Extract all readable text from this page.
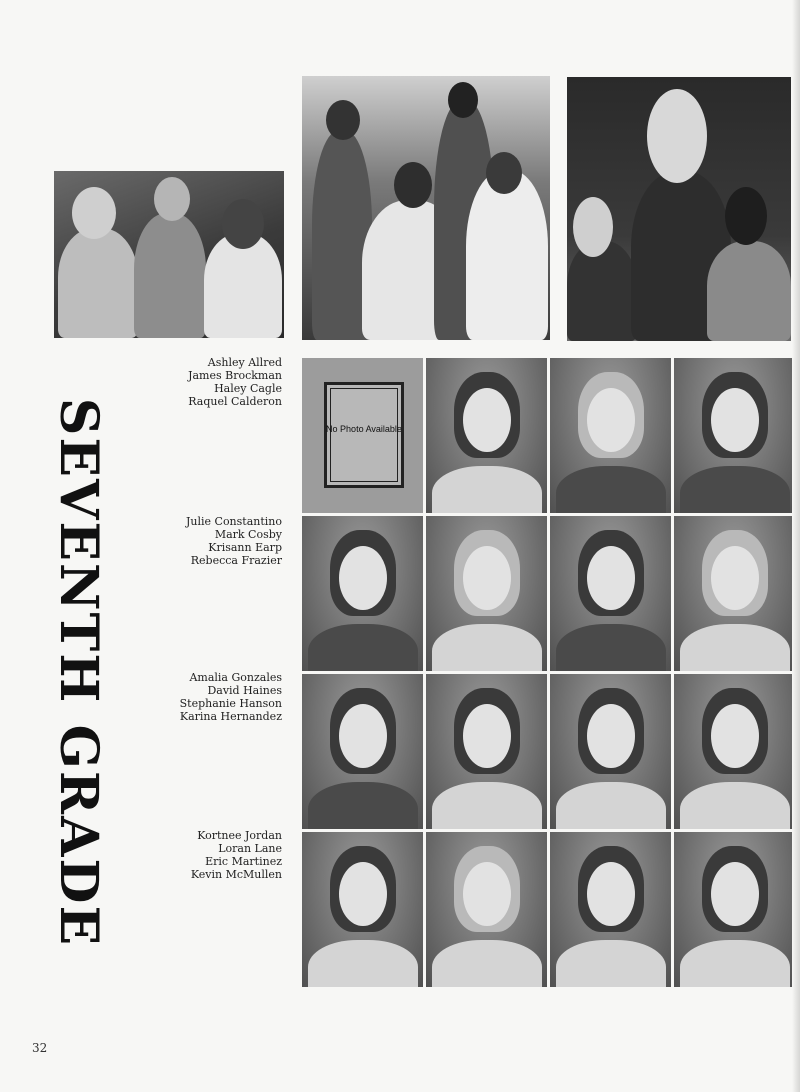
SEVENTH GRADE
Ashley Allred
James Brockman
Haley Cagle
Raquel Calderon
Julie Constantino
Mark Cosby
Krisann Earp
Rebecca Frazier
Amalia Gonzales
David Haines
Stephanie Hanson
Karina Hernandez
Kortnee Jordan
Loran Lane
Eric Martinez
Kevin McMullen
No Photo Available
32
